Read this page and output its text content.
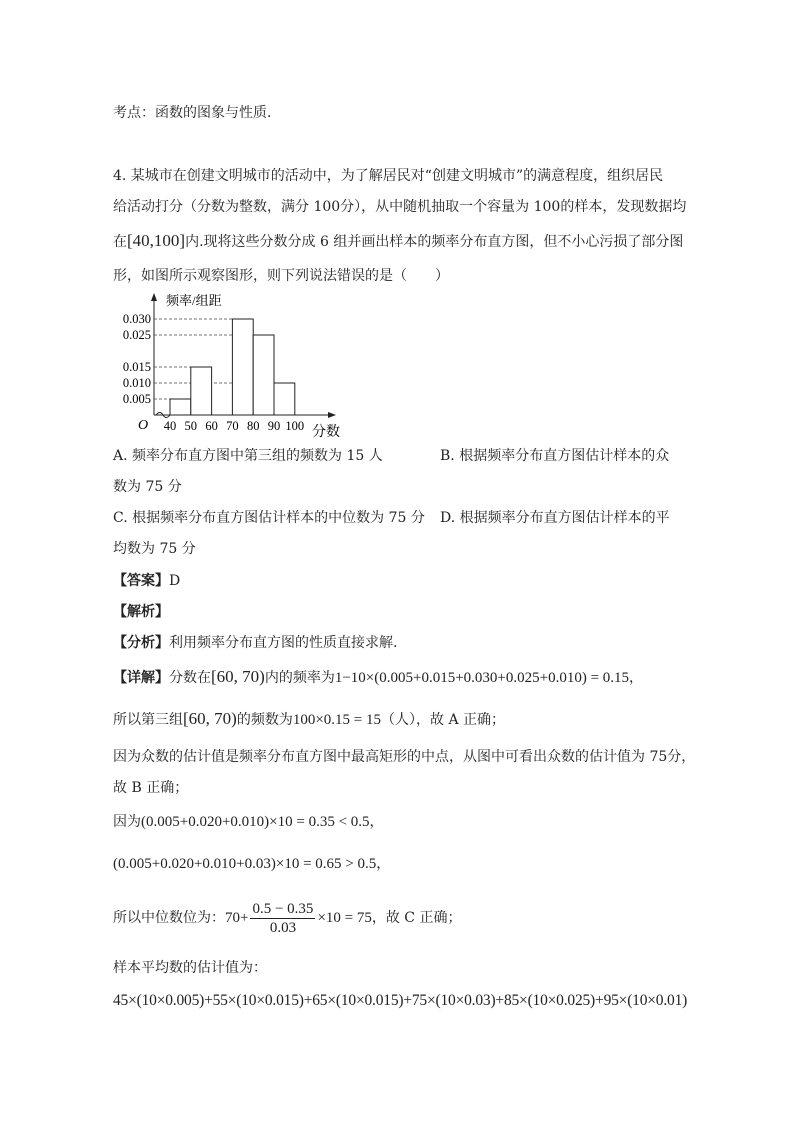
考点：函数的图象与性质．
4. 某城市在创建文明城市的活动中，为了解居民对“创建文明城市”的满意程度，组织居民
给活动打分（分数为整数，满分 100分），从中随机抽取一个容量为 100的样本，发现数据均
在[40,100]内.现将这些分数分成 6 组并画出样本的频率分布直方图，但不小心污损了部分图
形，如图所示观察图形，则下列说法错误的是（　　）
频率/组距
分数
O
0.005
0.010
0.015
0.025
0.030
40 50 60 70 80 90 100
A. 频率分布直方图中第三组的频数为 15 人	B. 根据频率分布直方图估计样本的众
数为 75 分
C. 根据频率分布直方图估计样本的中位数为 75 分 D. 根据频率分布直方图估计样本的平
均数为 75 分
【答案】D
【解析】
【分析】利用频率分布直方图的性质直接求解.
【详解】分数在[60, 70)内的频率为1−10×(0.005+0.015+0.030+0.025+0.010) = 0.15，
所以第三组[60, 70)的频数为100×0.15 = 15（人），故 A 正确；
因为众数的估计值是频率分布直方图中最高矩形的中点，从图中可看出众数的估计值为 75分，
故 B 正确；
因为(0.005+0.020+0.010)×10 = 0.35 < 0.5，
(0.005+0.020+0.010+0.03)×10 = 0.65 > 0.5，
所以中位数位为：$70+ \frac{0.5 - 0.35}{0.03} \times 10 = 75$，故 C 正确；
样本平均数的估计值为：
45×(10×0.005)+55×(10×0.015)+65×(10×0.015)+75×(10×0.03)+85×(10×0.025)+95×(10×0.01)
